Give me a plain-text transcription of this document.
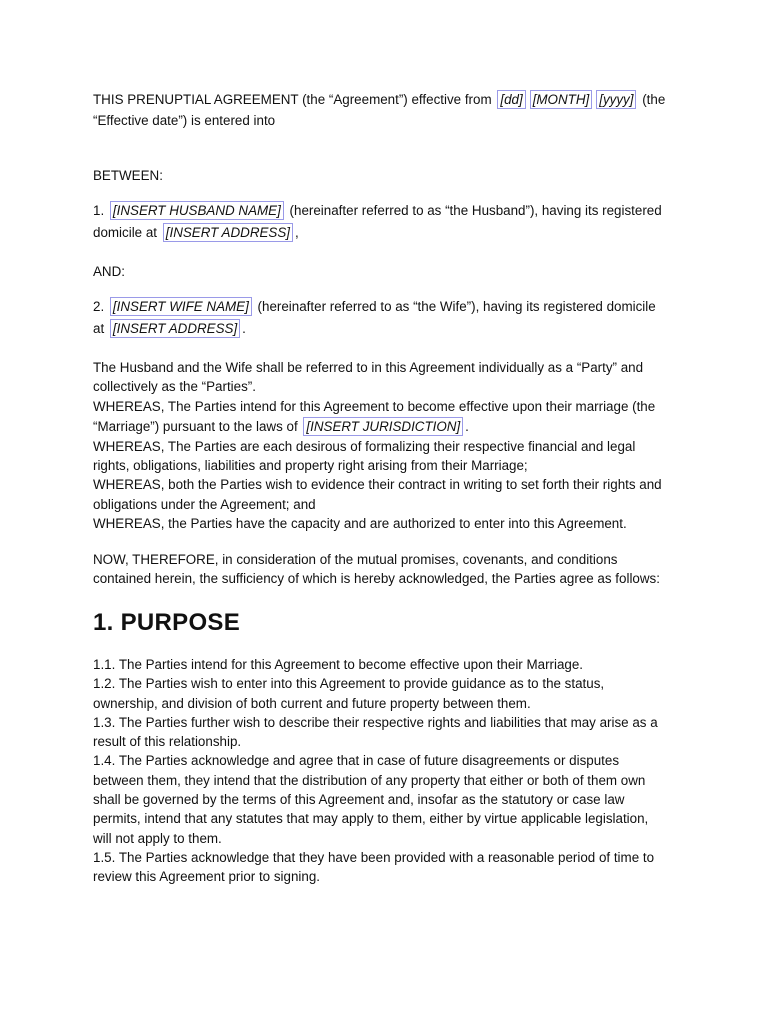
THIS PRENUPTIAL AGREEMENT (the “Agreement”) effective from [dd] [MONTH] [yyyy] (the

“Effective date”) is entered into

BETWEEN:

1. [INSERT HUSBAND NAME] (hereinafter referred to as “the Husband”), having its registered

domicile at [INSERT ADDRESS] ,

AND:

2. [INSERT WIFE NAME] (hereinafter referred to as “the Wife”), having its registered domicile

at [INSERT ADDRESS] .

The Husband and the Wife shall be referred to in this Agreement individually as a “Party” and

collectively as the “Parties”.

WHEREAS, The Parties intend for this Agreement to become effective upon their marriage (the

“Marriage”) pursuant to the laws of [INSERT JURISDICTION] .

WHEREAS, The Parties are each desirous of formalizing their respective financial and legal

rights, obligations, liabilities and property right arising from their Marriage;

WHEREAS, both the Parties wish to evidence their contract in writing to set forth their rights and

obligations under the Agreement; and

WHEREAS, the Parties have the capacity and are authorized to enter into this Agreement.

NOW, THEREFORE, in consideration of the mutual promises, covenants, and conditions

contained herein, the sufficiency of which is hereby acknowledged, the Parties agree as follows:

1. PURPOSE

1.1. The Parties intend for this Agreement to become effective upon their Marriage.

1.2. The Parties wish to enter into this Agreement to provide guidance as to the status,

ownership, and division of both current and future property between them.

1.3. The Parties further wish to describe their respective rights and liabilities that may arise as a

result of this relationship.

1.4. The Parties acknowledge and agree that in case of future disagreements or disputes

between them, they intend that the distribution of any property that either or both of them own

shall be governed by the terms of this Agreement and, insofar as the statutory or case law

permits, intend that any statutes that may apply to them, either by virtue applicable legislation,

will not apply to them.

1.5. The Parties acknowledge that they have been provided with a reasonable period of time to

review this Agreement prior to signing.
